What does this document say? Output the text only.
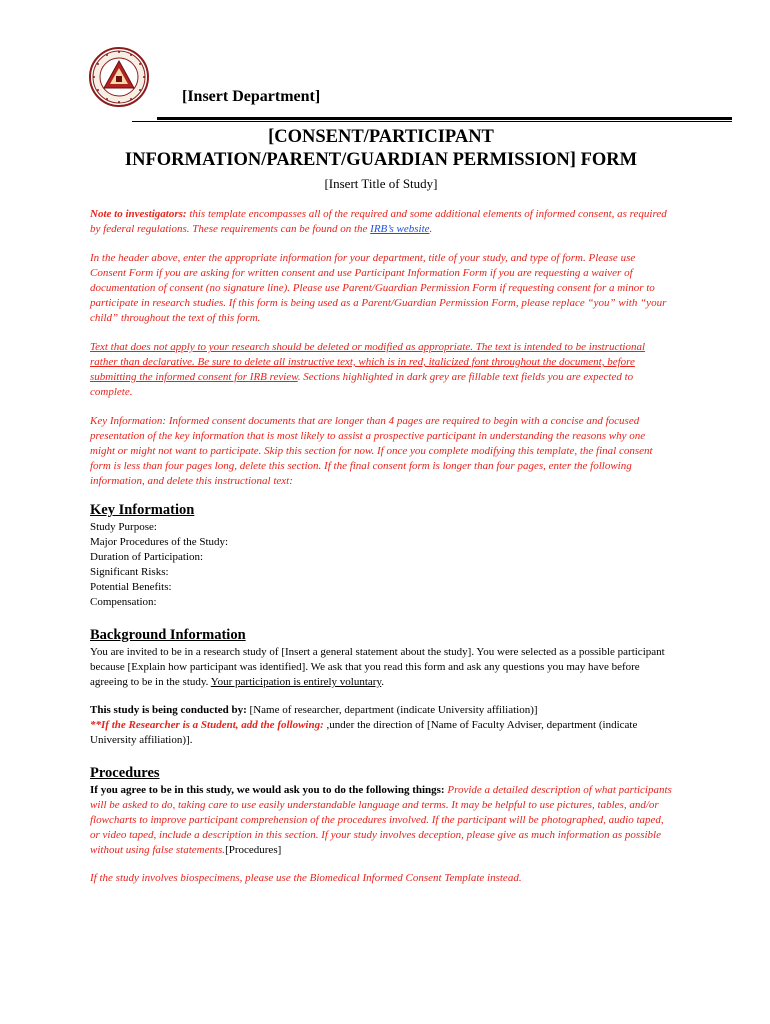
[Insert Department]

[CONSENT/PARTICIPANT
INFORMATION/PARENT/GUARDIAN PERMISSION] FORM

[Insert Title of Study]

Note to investigators: this template encompasses all of the required and some additional elements of informed consent, as required by federal regulations. These requirements can be found on the IRB’s website.

In the header above, enter the appropriate information for your department, title of your study, and type of form. Please use Consent Form if you are asking for written consent and use Participant Information Form if you are requesting a waiver of documentation of consent (no signature line). Please use Parent/Guardian Permission Form if requesting consent for a minor to participate in research studies. If this form is being used as a Parent/Guardian Permission Form, please replace “you” with “your child” throughout the text of this form.

Text that does not apply to your research should be deleted or modified as appropriate. The text is intended to be instructional rather than declarative. Be sure to delete all instructive text, which is in red, italicized font throughout the document, before submitting the informed consent for IRB review. Sections highlighted in dark grey are fillable text fields you are expected to complete.

Key Information: Informed consent documents that are longer than 4 pages are required to begin with a concise and focused presentation of the key information that is most likely to assist a prospective participant in understanding the reasons why one might or might not want to participate. Skip this section for now. If once you complete modifying this template, the final consent form is less than four pages long, delete this section. If the final consent form is longer than four pages, enter the following information, and delete this instructional text:

Key Information

Study Purpose:
Major Procedures of the Study:
Duration of Participation:
Significant Risks:
Potential Benefits:
Compensation:

Background Information

You are invited to be in a research study of [Insert a general statement about the study]. You were selected as a possible participant because [Explain how participant was identified]. We ask that you read this form and ask any questions you may have before agreeing to be in the study. Your participation is entirely voluntary.

This study is being conducted by: [Name of researcher, department (indicate University affiliation)]
**If the Researcher is a Student, add the following: ,under the direction of [Name of Faculty Adviser, department (indicate University affiliation)].

Procedures

If you agree to be in this study, we would ask you to do the following things: Provide a detailed description of what participants will be asked to do, taking care to use easily understandable language and terms. It may be helpful to use pictures, tables, and/or flowcharts to improve participant comprehension of the procedures involved. If the participant will be photographed, audio taped, or video taped, include a description in this section. If your study involves deception, please give as much information as possible without using false statements.[Procedures]

If the study involves biospecimens, please use the Biomedical Informed Consent Template instead.
